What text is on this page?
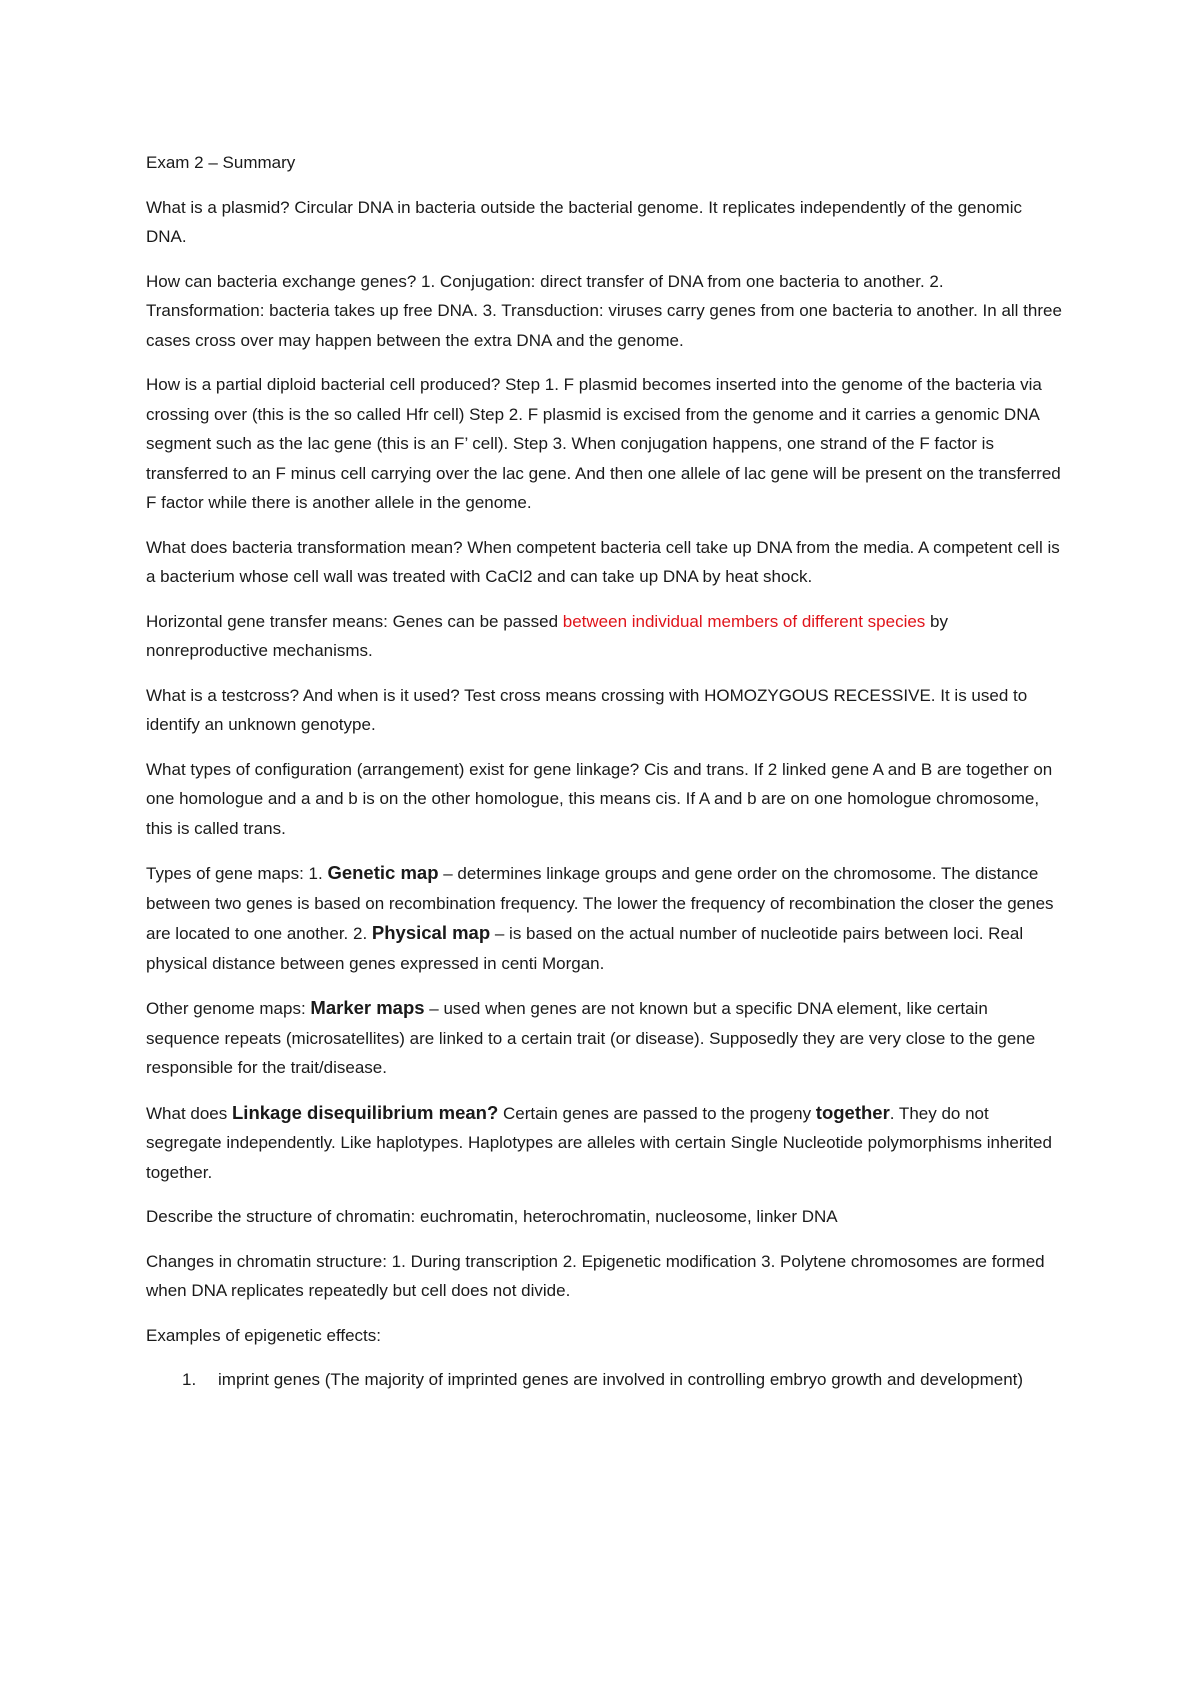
Exam 2 – Summary

What is a plasmid? Circular DNA in bacteria outside the bacterial genome. It replicates independently of the genomic DNA.

How can bacteria exchange genes? 1. Conjugation: direct transfer of DNA from one bacteria to another. 2. Transformation: bacteria takes up free DNA. 3. Transduction: viruses carry genes from one bacteria to another. In all three cases cross over may happen between the extra DNA and the genome.

How is a partial diploid bacterial cell produced? Step 1. F plasmid becomes inserted into the genome of the bacteria via crossing over (this is the so called Hfr cell) Step 2. F plasmid is excised from the genome and it carries a genomic DNA segment such as the lac gene (this is an F’ cell). Step 3. When conjugation happens, one strand of the F factor is transferred to an F minus cell carrying over the lac gene. And then one allele of lac gene will be present on the transferred F factor while there is another allele in the genome.

What does bacteria transformation mean? When competent bacteria cell take up DNA from the media. A competent cell is a bacterium whose cell wall was treated with CaCl2 and can take up DNA by heat shock.

Horizontal gene transfer means: Genes can be passed between individual members of different species by nonreproductive mechanisms.

What is a testcross? And when is it used? Test cross means crossing with HOMOZYGOUS RECESSIVE. It is used to identify an unknown genotype.

What types of configuration (arrangement) exist for gene linkage? Cis and trans. If 2 linked gene A and B are together on one homologue and a and b is on the other homologue, this means cis. If A and b are on one homologue chromosome, this is called trans.

Types of gene maps: 1. Genetic map – determines linkage groups and gene order on the chromosome. The distance between two genes is based on recombination frequency. The lower the frequency of recombination the closer the genes are located to one another. 2. Physical map – is based on the actual number of nucleotide pairs between loci. Real physical distance between genes expressed in centi Morgan.

Other genome maps: Marker maps – used when genes are not known but a specific DNA element, like certain sequence repeats (microsatellites) are linked to a certain trait (or disease). Supposedly they are very close to the gene responsible for the trait/disease.

What does Linkage disequilibrium mean? Certain genes are passed to the progeny together. They do not segregate independently. Like haplotypes. Haplotypes are alleles with certain Single Nucleotide polymorphisms inherited together.

Describe the structure of chromatin: euchromatin, heterochromatin, nucleosome, linker DNA

Changes in chromatin structure: 1. During transcription 2. Epigenetic modification 3. Polytene chromosomes are formed when DNA replicates repeatedly but cell does not divide.

Examples of epigenetic effects:

1. imprint genes (The majority of imprinted genes are involved in controlling embryo growth and development)
